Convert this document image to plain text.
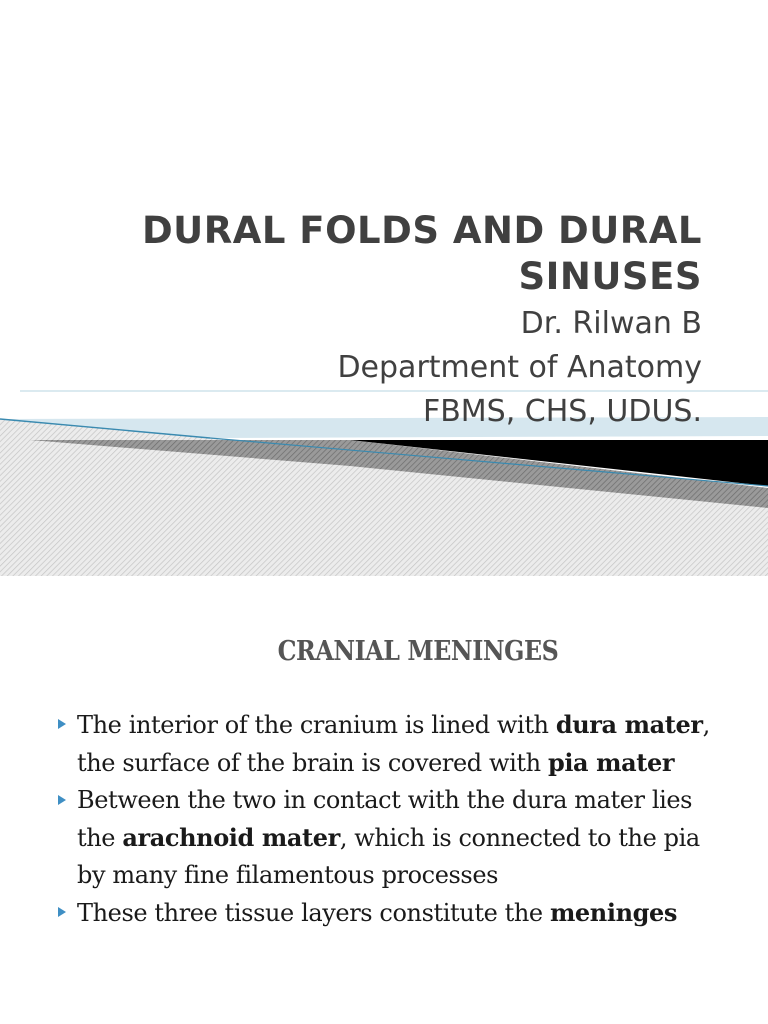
DURAL FOLDS AND DURAL

SINUSES

Dr. Rilwan B

Department of Anatomy

FBMS, CHS, UDUS.

CRANIAL MENINGES
The interior of the cranium is lined with dura mater, the surface of the brain is covered with pia mater
Between the two in contact with the dura mater lies the arachnoid mater, which is connected to the pia by many fine filamentous processes
These three tissue layers constitute the meninges
